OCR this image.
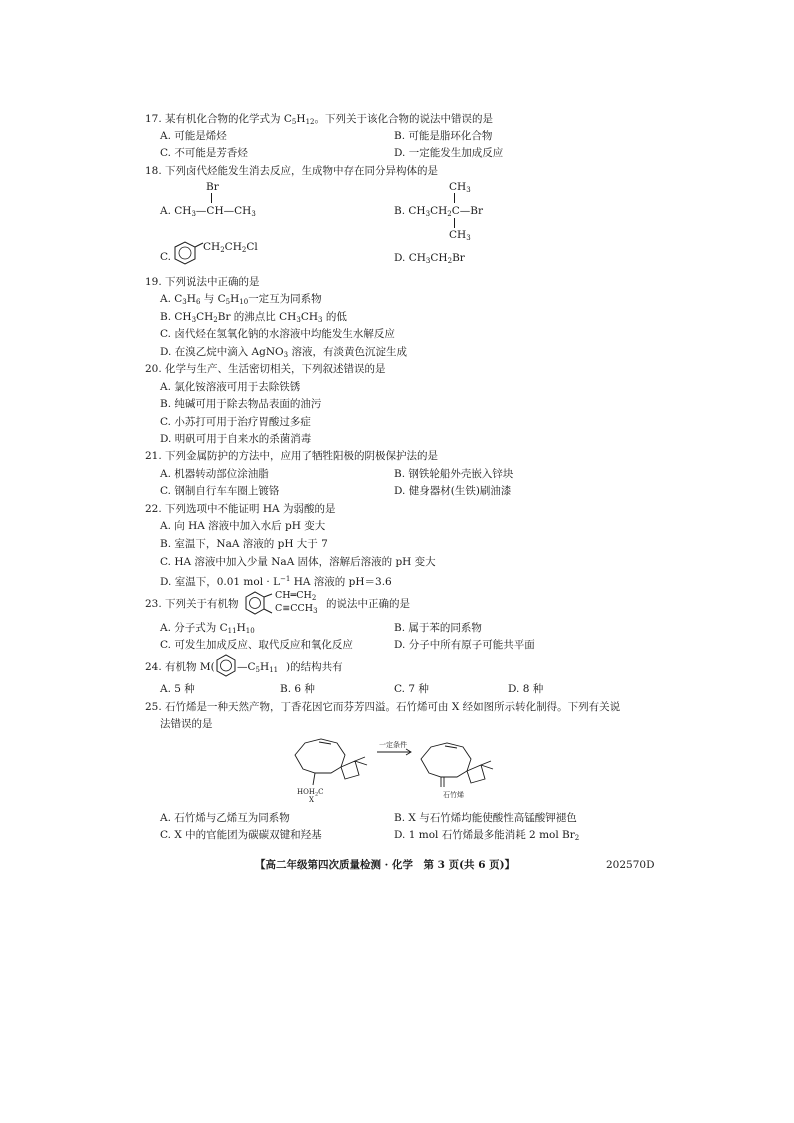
17. 某有机化合物的化学式为 C5H12。下列关于该化合物的说法中错误的是
A. 可能是烯烃	B. 可能是脂环化合物
C. 不可能是芳香烃	D. 一定能发生加成反应
18. 下列卤代烃能发生消去反应，生成物中存在同分异构体的是
Br
A. CH3—CH—CH3
CH3
B. CH3CH2C—Br
CH3
C.
CH2CH2Cl
D. CH3CH2Br
19. 下列说法中正确的是
A. C3H6 与 C5H10一定互为同系物
B. CH3CH2Br 的沸点比 CH3CH3 的低
C. 卤代烃在氢氧化钠的水溶液中均能发生水解反应
D. 在溴乙烷中滴入 AgNO3 溶液，有淡黄色沉淀生成
20. 化学与生产、生活密切相关，下列叙述错误的是
A. 氯化铵溶液可用于去除铁锈
B. 纯碱可用于除去物品表面的油污
C. 小苏打可用于治疗胃酸过多症
D. 明矾可用于自来水的杀菌消毒
21. 下列金属防护的方法中，应用了牺牲阳极的阴极保护法的是
A. 机器转动部位涂油脂	B. 钢铁轮船外壳嵌入锌块
C. 钢制自行车车圈上镀铬	D. 健身器材(生铁)刷油漆
22. 下列选项中不能证明 HA 为弱酸的是
A. 向 HA 溶液中加入水后 pH 变大
B. 室温下，NaA 溶液的 pH 大于 7
C. HA 溶液中加入少量 NaA 固体，溶解后溶液的 pH 变大
D. 室温下，0.01 mol · $L^{-1}$ HA 溶液的 pH＝3.6
23. 下列关于有机物
$CH═CH_2$
$C\equiv CCH_3$
的说法中正确的是
A. 分子式为 C11H10	B. 属于苯的同系物
C. 可发生加成反应、取代反应和氧化反应	D. 分子中所有原子可能共平面
24. 有机物 M( —C5H11 )的结构共有
A. 5 种	B. 6 种	C. 7 种	D. 8 种
25. 石竹烯是一种天然产物，丁香花因它而芬芳四溢。石竹烯可由 X 经如图所示转化制得。下列有关说
法错误的是
$HOH_2C$
X
一定条件
石竹烯
A. 石竹烯与乙烯互为同系物	B. X 与石竹烯均能使酸性高锰酸钾褪色
C. X 中的官能团为碳碳双键和羟基	D. 1 mol 石竹烯最多能消耗 2 mol Br2
【高二年级第四次质量检测 · 化学　第 3 页(共 6 页)】	202570D
